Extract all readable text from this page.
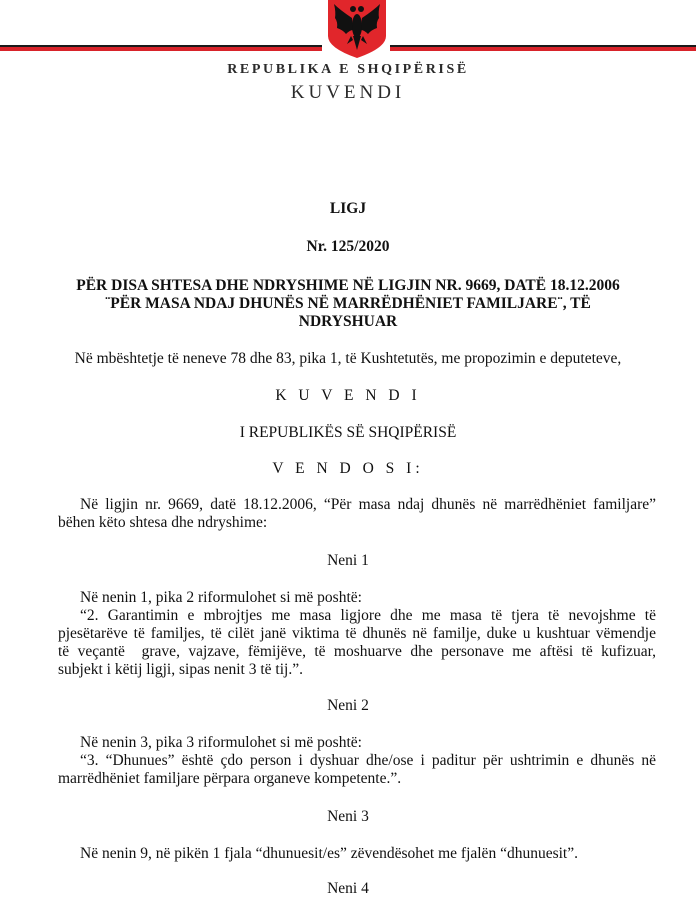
REPUBLIKA E SHQIPËRISË
KUVENDI
LIGJ
Nr. 125/2020
PËR DISA SHTESA DHE NDRYSHIME NË LIGJIN NR. 9669, DATË 18.12.2006
¨PËR MASA NDAJ DHUNËS NË MARRËDHËNIET FAMILJARE¨, TË
NDRYSHUAR
Në mbështetje të neneve 78 dhe 83, pika 1, të Kushtetutës, me propozimin e deputeteve,
K U V E N D I
I REPUBLIKËS SË SHQIPËRISË
V E N D O S I:
Në ligjin nr. 9669, datë 18.12.2006, “Për masa ndaj dhunës në marrëdhëniet familjare”
bëhen këto shtesa dhe ndryshime:
Neni 1
Në nenin 1, pika 2 riformulohet si më poshtë:
“2. Garantimin e mbrojtjes me masa ligjore dhe me masa të tjera të nevojshme të
pjesëtarëve të familjes, të cilët janë viktima të dhunës në familje, duke u kushtuar vëmendje
të veçantë  grave, vajzave, fëmijëve, të moshuarve dhe personave me aftësi të kufizuar,
subjekt i këtij ligji, sipas nenit 3 të tij.”.
Neni 2
Në nenin 3, pika 3 riformulohet si më poshtë:
“3. “Dhunues” është çdo person i dyshuar dhe/ose i paditur për ushtrimin e dhunës në
marrëdhëniet familjare përpara organeve kompetente.”.
Neni 3
Në nenin 9, në pikën 1 fjala “dhunuesit/es” zëvendësohet me fjalën “dhunuesit”.
Neni 4
